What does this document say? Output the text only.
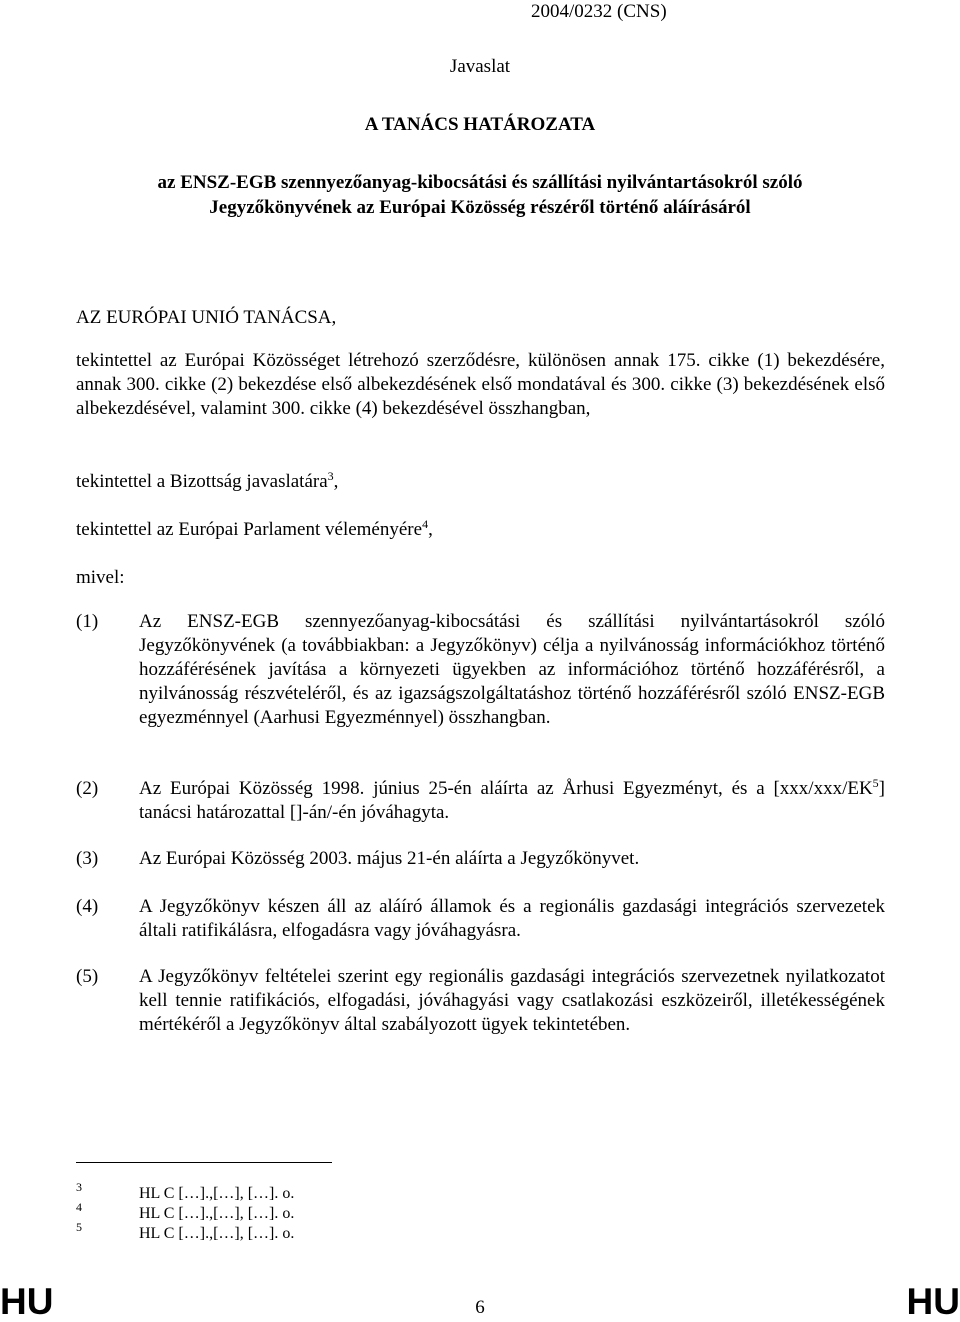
2004/0232 (CNS)
Javaslat
A TANÁCS HATÁROZATA
az ENSZ-EGB szennyezőanyag-kibocsátási és szállítási nyilvántartásokról szóló
Jegyzőkönyvének az Európai Közösség részéről történő aláírásáról
AZ EURÓPAI UNIÓ TANÁCSA,
tekintettel az Európai Közösséget létrehozó szerződésre, különösen annak 175. cikke (1) bekezdésére, annak 300. cikke (2) bekezdése első albekezdésének első mondatával és 300. cikke (3) bekezdésének első albekezdésével, valamint 300. cikke (4) bekezdésével összhangban,
tekintettel a Bizottság javaslatára$^3$,
tekintettel az Európai Parlament véleményére$^4$,
mivel:
(1) Az ENSZ-EGB szennyezőanyag-kibocsátási és szállítási nyilvántartásokról szóló Jegyzőkönyvének (a továbbiakban: a Jegyzőkönyv) célja a nyilvánosság információkhoz történő hozzáférésének javítása a környezeti ügyekben az információhoz történő hozzáférésről, a nyilvánosság részvételéről, és az igazságszolgáltatáshoz történő hozzáférésről szóló ENSZ-EGB egyezménnyel (Aarhusi Egyezménnyel) összhangban.
(2) Az Európai Közösség 1998. június 25-én aláírta az Århusi Egyezményt, és a [xxx/xxx/EK$^5$] tanácsi határozattal []-án/-én jóváhagyta.
(3) Az Európai Közösség 2003. május 21-én aláírta a Jegyzőkönyvet.
(4) A Jegyzőkönyv készen áll az aláíró államok és a regionális gazdasági integrációs szervezetek általi ratifikálásra, elfogadásra vagy jóváhagyásra.
(5) A Jegyzőkönyv feltételei szerint egy regionális gazdasági integrációs szervezetnek nyilatkozatot kell tennie ratifikációs, elfogadási, jóváhagyási vagy csatlakozási eszközeiről, illetékességének mértékéről a Jegyzőkönyv által szabályozott ügyek tekintetében.
3	HL C […].,[…], […]. o.
4	HL C […].,[…], […]. o.
5	HL C […].,[…], […]. o.
HU	6	HU
